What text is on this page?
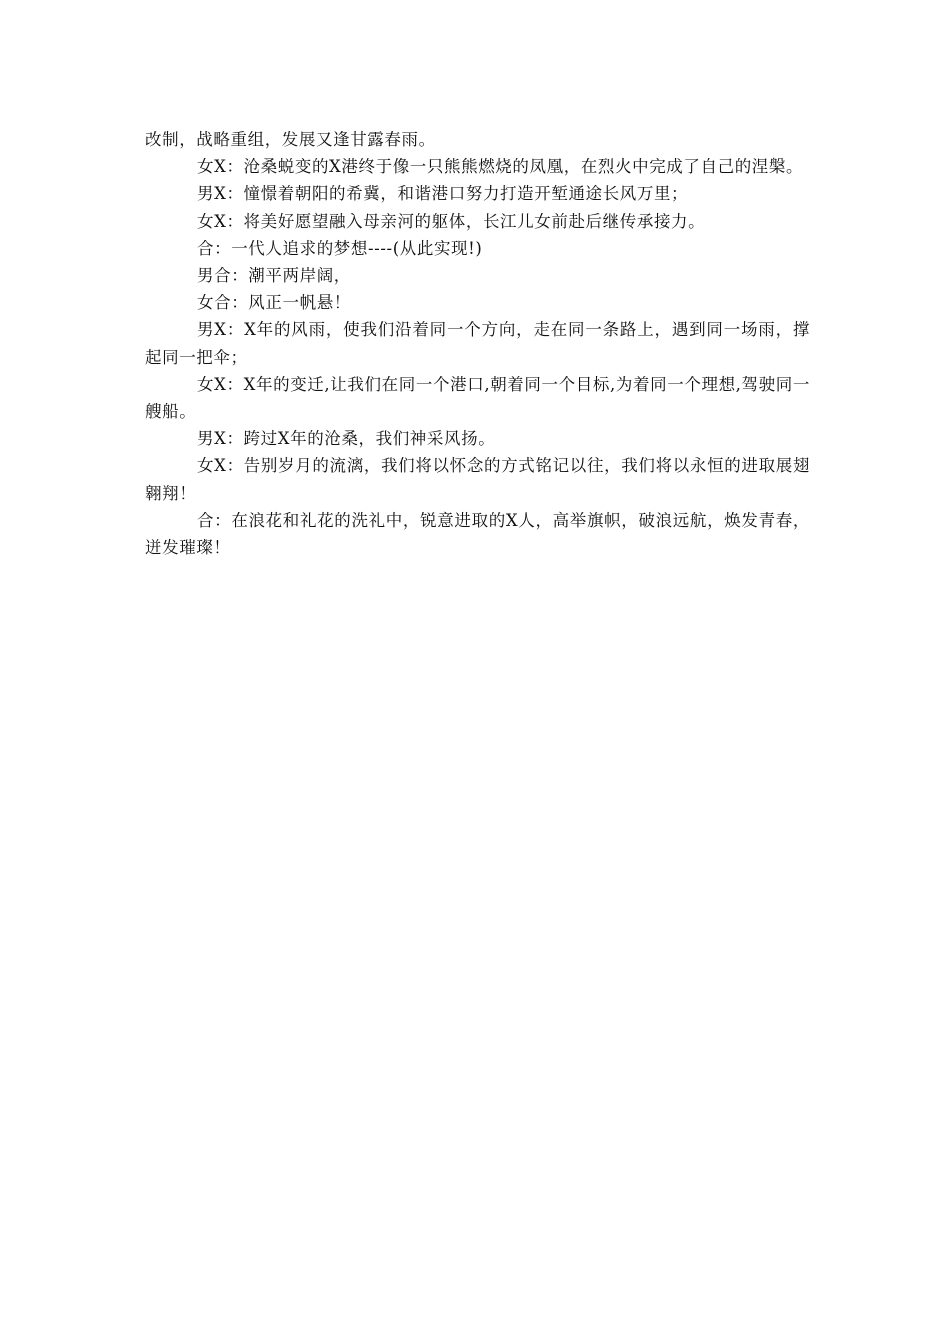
改制，战略重组，发展又逢甘露春雨。

女X：沧桑蜕变的X港终于像一只熊熊燃烧的凤凰，在烈火中完成了自己的涅槃。

男X：憧憬着朝阳的希冀，和谐港口努力打造开堑通途长风万里；

女X：将美好愿望融入母亲河的躯体，长江儿女前赴后继传承接力。

合：一代人追求的梦想----(从此实现!)

男合：潮平两岸阔，

女合：风正一帆悬！

男X：X年的风雨，使我们沿着同一个方向，走在同一条路上，遇到同一场雨，撑起同一把伞；

女X：X年的变迁,让我们在同一个港口,朝着同一个目标,为着同一个理想,驾驶同一艘船。

男X：跨过X年的沧桑，我们神采风扬。

女X：告别岁月的流漓，我们将以怀念的方式铭记以往，我们将以永恒的进取展翅翱翔！

合：在浪花和礼花的洗礼中，锐意进取的X人，高举旗帜，破浪远航，焕发青春，迸发璀璨！
